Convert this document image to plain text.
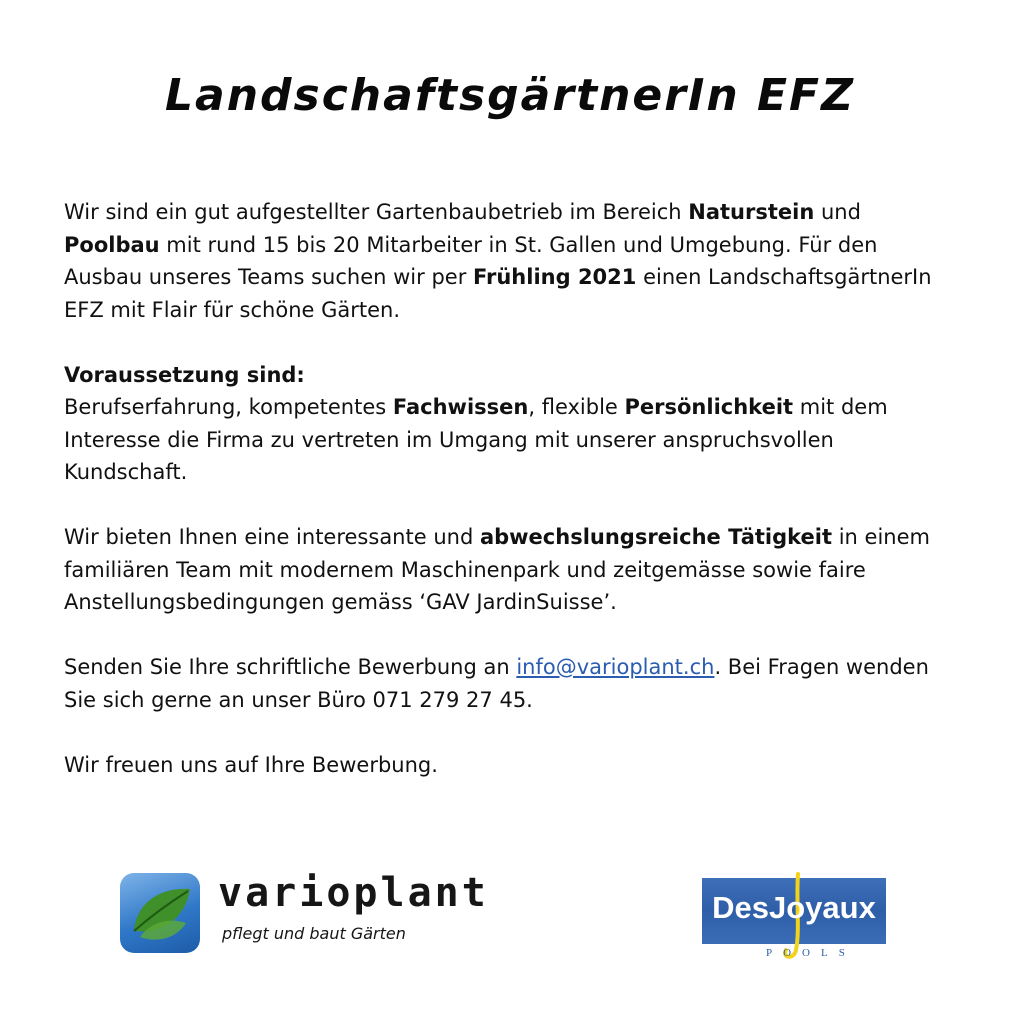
LandschaftsgärtnerIn EFZ

Wir sind ein gut aufgestellter Gartenbaubetrieb im Bereich Naturstein und Poolbau mit rund 15 bis 20 Mitarbeiter in St. Gallen und Umgebung. Für den Ausbau unseres Teams suchen wir per Frühling 2021 einen LandschaftsgärtnerIn EFZ mit Flair für schöne Gärten.

Voraussetzung sind:
Berufserfahrung, kompetentes Fachwissen, flexible Persönlichkeit mit dem Interesse die Firma zu vertreten im Umgang mit unserer anspruchsvollen Kundschaft.

Wir bieten Ihnen eine interessante und abwechslungsreiche Tätigkeit in einem familiären Team mit modernem Maschinenpark und zeitgemässe sowie faire Anstellungsbedingungen gemäss ‘GAV JardinSuisse’.

Senden Sie Ihre schriftliche Bewerbung an info@varioplant.ch. Bei Fragen wenden Sie sich gerne an unser Büro 071 279 27 45.

Wir freuen uns auf Ihre Bewerbung.

varioplant
pflegt und baut Gärten
DesJoyaux
POOLS
